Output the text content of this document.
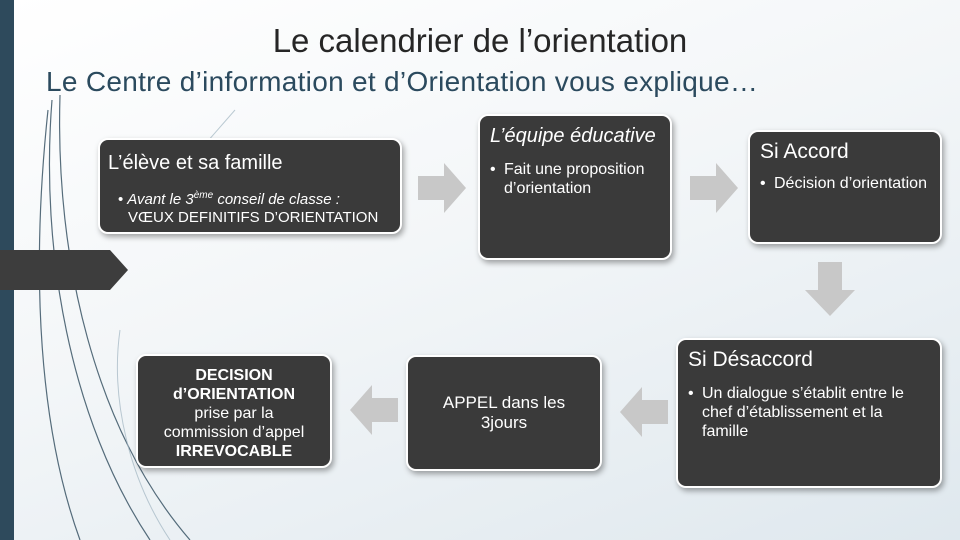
Le calendrier de l’orientation
Le Centre d’information et d’Orientation vous explique…
L’élève et sa famille
• Avant le 3ème conseil de classe :
VŒUX DEFINITIFS D’ORIENTATION
L’équipe éducative
• Fait une proposition d’orientation
Si Accord
• Décision d’orientation
Si Désaccord
• Un dialogue s’établit entre le chef d’établissement et la famille
APPEL dans les 3jours
DECISION
d’ORIENTATION
prise par la
commission d’appel
IRREVOCABLE
